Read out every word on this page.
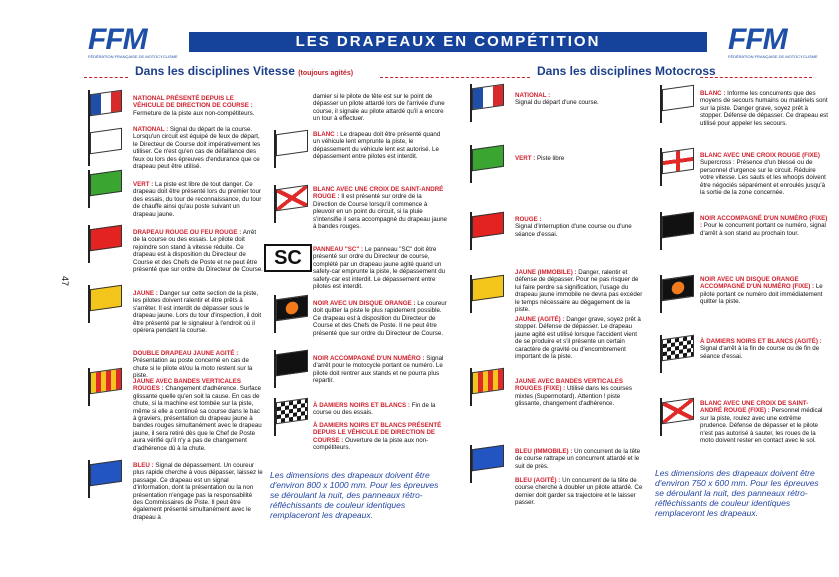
FFM
FÉDÉRATION FRANÇAISE DE MOTOCYCLISME
LES DRAPEAUX EN COMPÉTITION	FFM
FÉDÉRATION FRANÇAISE DE MOTOCYCLISME
Dans les disciplines Vitesse (toujours agités)	Dans les disciplines Motocross
47
SC
NATIONAL PRÉSENTÉ DEPUIS LE VÉHICULE DE DIRECTION DE COURSE : Fermeture de la piste aux non-compétiteurs.
NATIONAL : Signal du départ de la course. Lorsqu'un circuit est équipé de feux de départ, le Directeur de Course doit impérativement les utiliser. Ce n'est qu'en cas de défaillance des feux ou lors des épreuves d'endurance que ce drapeau peut être utilisé.
VERT : La piste est libre de tout danger. Ce drapeau doit être présenté lors du premier tour des essais, du tour de reconnaissance, du tour de chauffe ainsi qu'au poste suivant un drapeau jaune.
DRAPEAU ROUGE OU FEU ROUGE : Arrêt de la course ou des essais. Le pilote doit rejoindre son stand à vitesse réduite. Ce drapeau est à disposition du Directeur de Course et des Chefs de Poste et ne peut être présenté que sur ordre du Directeur de Course.
JAUNE : Danger sur cette section de la piste, les pilotes doivent ralentir et être prêts à s'arrêter. Il est interdit de dépasser sous le drapeau jaune. Lors du tour d'inspection, il doit être présenté par le signaleur à l'endroit où il opérera pendant la course.
DOUBLE DRAPEAU JAUNE AGITÉ : Présentation au poste concerné en cas de chute si le pilote et/ou la moto restent sur la piste.
JAUNE AVEC BANDES VERTICALES ROUGES : Changement d'adhérence. Surface glissante quelle qu'en soit la cause. En cas de chute, si la machine est tombée sur la piste, même si elle a continué sa course dans le bac à graviers, présentation du drapeau jaune à bandes rouges simultanément avec le drapeau jaune, il sera retiré dès que le Chef de Poste aura vérifié qu'il n'y a pas de changement d'adhérence dû à la chute.
BLEU : Signal de dépassement. Un coureur plus rapide cherche à vous dépasser, laissez le passage. Ce drapeau est un signal d'information, dont la présentation ou la non présentation n'engage pas la responsabilité des Commissaires de Piste. Il peut être également présenté simultanément avec le drapeau à
damier si le pilote de tête est sur le point de dépasser un pilote attardé lors de l'arrivée d'une course, il signale au pilote attardé qu'il a encore un tour à effectuer.
BLANC : Le drapeau doit être présenté quand un véhicule lent emprunte la piste, le dépassement du véhicule lent est autorisé. Le dépassement entre pilotes est interdit.
BLANC AVEC UNE CROIX DE SAINT-ANDRÉ ROUGE : Il est présenté sur ordre de la Direction de Course lorsqu'il commence à pleuvoir en un point du circuit, si la pluie s'intensifie il sera accompagné du drapeau jaune à bandes rouges.
PANNEAU "SC" : Le panneau "SC" doit être présenté sur ordre du Directeur de course, complété par un drapeau jaune agité quand un safety-car emprunte la piste, le dépassement du safety-car est interdit. Le dépassement entre pilotes est interdit.
NOIR AVEC UN DISQUE ORANGE : Le coureur doit quitter la piste le plus rapidement possible. Ce drapeau est à disposition du Directeur de Course et des Chefs de Poste. Il ne peut être présenté que sur ordre du Directeur de Course.
NOIR ACCOMPAGNÉ D'UN NUMÉRO : Signal d'arrêt pour le motocycle portant ce numéro. Le pilote doit rentrer aux stands et ne pourra plus repartir.
À DAMIERS NOIRS ET BLANCS : Fin de la course ou des essais.
À DAMIERS NOIRS ET BLANCS PRÉSENTÉ DEPUIS LE VÉHICULE DE DIRECTION DE COURSE : Ouverture de la piste aux non-compétiteurs.
Les dimensions des drapeaux doivent être d'environ 800 x 1000 mm. Pour les épreuves se déroulant la nuit, des panneaux rétro-réfléchissants de couleur identiques remplaceront les drapeaux.
NATIONAL :
Signal du départ d'une course.
VERT : Piste libre
ROUGE :
Signal d'interruption d'une course ou d'une séance d'essai.
JAUNE (IMMOBILE) : Danger, ralentir et défense de dépasser. Pour ne pas risquer de lui faire perdre sa signification, l'usage du drapeau jaune immobile ne devra pas excéder le temps nécessaire au dégagement de la piste.
JAUNE (AGITÉ) : Danger grave, soyez prêt à stopper. Défense de dépasser. Le drapeau jaune agité est utilisé lorsque l'accident vient de se produire et s'il présente un certain caractère de gravité ou d'encombrement important de la piste.
JAUNE AVEC BANDES VERTICALES ROUGES (FIXE) : Utilisé dans les courses mixtes (Supermotard). Attention ! piste glissante, changement d'adhérence.
BLEU (IMMOBILE) : Un concurrent de la tête de course rattrape un concurrent attardé et le suit de près.
BLEU (AGITÉ) : Un concurrent de la tête de course cherche à doubler un pilote attardé. Ce dernier doit garder sa trajectoire et le laisser passer.
BLANC : Informe les concurrents que des moyens de secours humains ou matériels sont sur la piste. Danger grave, soyez prêt à stopper. Défense de dépasser. Ce drapeau est utilisé pour appeler les secours.
BLANC AVEC UNE CROIX ROUGE (FIXE) Supercross : Présence d'un blessé ou de personnel d'urgence sur le circuit. Réduire votre vitesse. Les sauts et les whoops doivent être négociés séparément et enroulés jusqu'à la sortie de la zone concernée.
NOIR ACCOMPAGNÉ D'UN NUMÉRO (FIXE) : Pour le concurrent portant ce numéro, signal d'arrêt à son stand au prochain tour.
NOIR AVEC UN DISQUE ORANGE ACCOMPAGNÉ D'UN NUMÉRO (FIXE) : Le pilote portant ce numéro doit immédiatement quitter la piste.
À DAMIERS NOIRS ET BLANCS (AGITÉ) : Signal d'arrêt à la fin de course ou de fin de séance d'essai.
BLANC AVEC UNE CROIX DE SAINT-ANDRÉ ROUGE (FIXE) : Personnel médical sur la piste, roulez avec une extrême prudence. Défense de dépasser et le pilote n'est pas autorisé à sauter, les roues de la moto doivent rester en contact avec le sol.
Les dimensions des drapeaux doivent être d'environ 750 x 600 mm. Pour les épreuves se déroulant la nuit, des panneaux rétro-réfléchissants de couleur identiques remplaceront les drapeaux.
